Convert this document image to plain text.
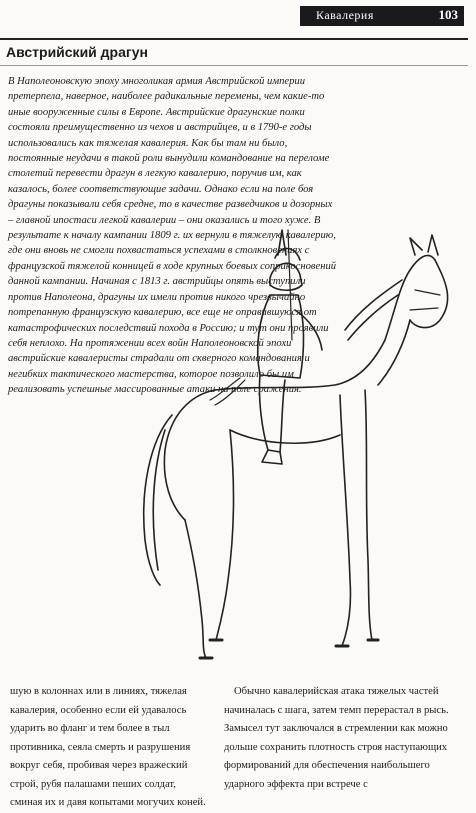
Кавалерия	103
Австрийский драгун

В Наполеоновскую эпоху многоликая армия Австрийской империи претерпела, наверное, наиболее радикальные перемены, чем какие-то иные вооруженные силы в Европе. Австрийские драгунские полки состояли преимущественно из чехов и австрийцев, и в 1790-е годы использовались как тяжелая кавалерия. Как бы там ни было, постоянные неудачи в такой роли вынудили командование на переломе столетий перевести драгун в легкую кавалерию, поручив им, как казалось, более соответствующие задачи. Однако если на поле боя драгуны показывали себя средне, то в качестве разведчиков и дозорных – главной ипостаси легкой кавалерии – они оказались и того хуже. В результате к началу кампании 1809 г. их вернули в тяжелую кавалерию, где они вновь не смогли похвастаться успехами в столкновениях с французской тяжелой конницей в ходе крупных боевых соприкосновений данной кампании. Начиная с 1813 г. австрийцы опять выступили против Наполеона, драгуны их имели против никого чрезвычайно потрепанную французскую кавалерию, все еще не оправившуюся от катастрофических последствий похода в Россию; и тут они проявили себя неплохо. На протяжении всех войн Наполеоновской эпохи австрийские кавалеристы страдали от скверного командования и негибких тактического мастерства, которое позволило бы им реализовать успешные массированные атаки на поле сражения.

шую в колоннах или в линиях, тяжелая кавалерия, особенно если ей удавалось ударить во фланг и тем более в тыл противника, сеяла смерть и разрушения вокруг себя, пробивая через вражеский строй, рубя палашами пеших солдат, сминая их и давя копытами могучих коней.

Обычно кавалерийская атака тяжелых частей начиналась с шага, затем темп перерастал в рысь. Замысел тут заключался в стремлении как можно дольше сохранить плотность строя наступающих формирований для обеспечения наибольшего ударного эффекта при встрече с
